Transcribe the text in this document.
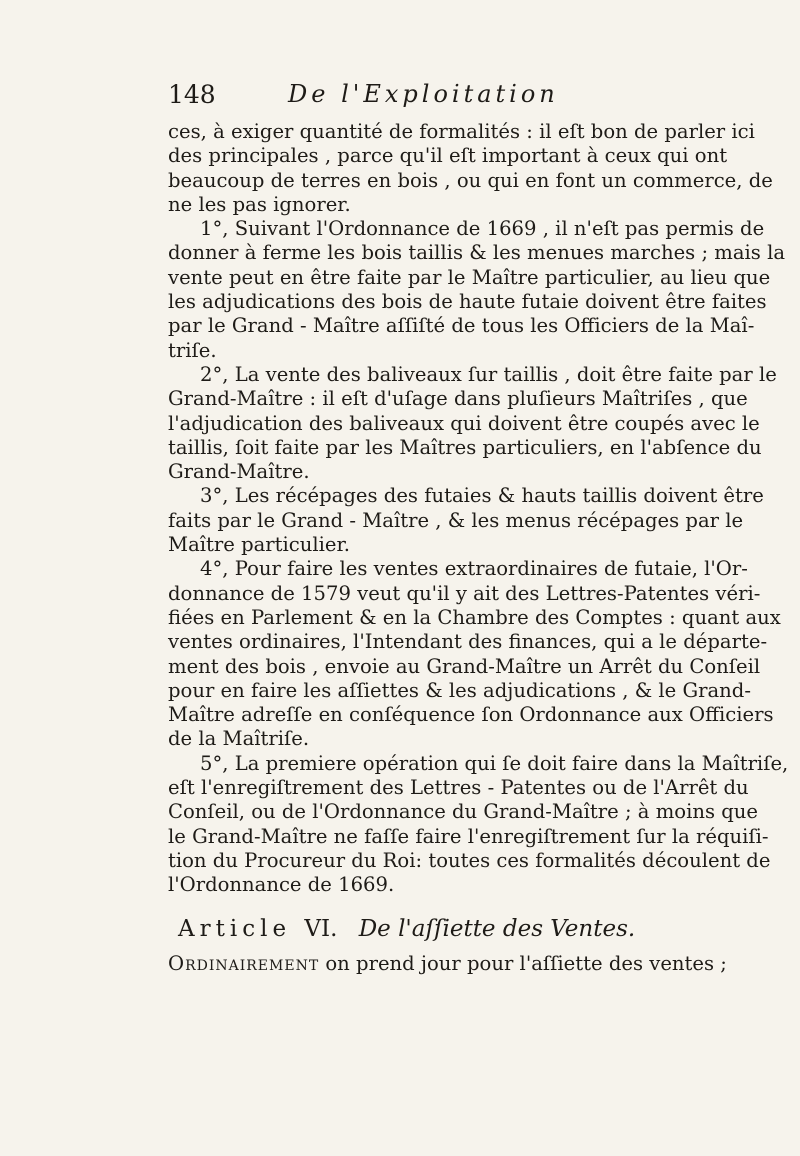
148	De l'Exploitation
ces, à exiger quantité de formalités : il eſt bon de parler ici
des principales , parce qu'il eſt important à ceux qui ont
beaucoup de terres en bois , ou qui en font un commerce, de
ne les pas ignorer.
1°, Suivant l'Ordonnance de 1669 , il n'eſt pas permis de
donner à ferme les bois taillis & les menues marches ; mais la
vente peut en être faite par le Maître particulier, au lieu que
les adjudications des bois de haute futaie doivent être faites
par le Grand - Maître aſſiſté de tous les Officiers de la Maî-
triſe.
2°, La vente des baliveaux ſur taillis , doit être faite par le
Grand-Maître : il eſt d'uſage dans pluſieurs Maîtriſes , que
l'adjudication des baliveaux qui doivent être coupés avec le
taillis, ſoit faite par les Maîtres particuliers, en l'abſence du
Grand-Maître.
3°, Les récépages des futaies & hauts taillis doivent être
faits par le Grand - Maître , & les menus récépages par le
Maître particulier.
4°, Pour faire les ventes extraordinaires de futaie, l'Or-
donnance de 1579 veut qu'il y ait des Lettres-Patentes véri-
fiées en Parlement & en la Chambre des Comptes : quant aux
ventes ordinaires, l'Intendant des finances, qui a le départe-
ment des bois , envoie au Grand-Maître un Arrêt du Conſeil
pour en faire les aſſiettes & les adjudications , & le Grand-
Maître adreſſe en conſéquence ſon Ordonnance aux Officiers
de la Maîtriſe.
5°, La premiere opération qui ſe doit faire dans la Maîtriſe,
eſt l'enregiſtrement des Lettres - Patentes ou de l'Arrêt du
Conſeil, ou de l'Ordonnance du Grand-Maître ; à moins que
le Grand-Maître ne faſſe faire l'enregiſtrement ſur la réquiſi-
tion du Procureur du Roi: toutes ces formalités découlent de
l'Ordonnance de 1669.
Article VI. De l'aſſiette des Ventes.
Ordinairement on prend jour pour l'aſſiette des ventes ;
